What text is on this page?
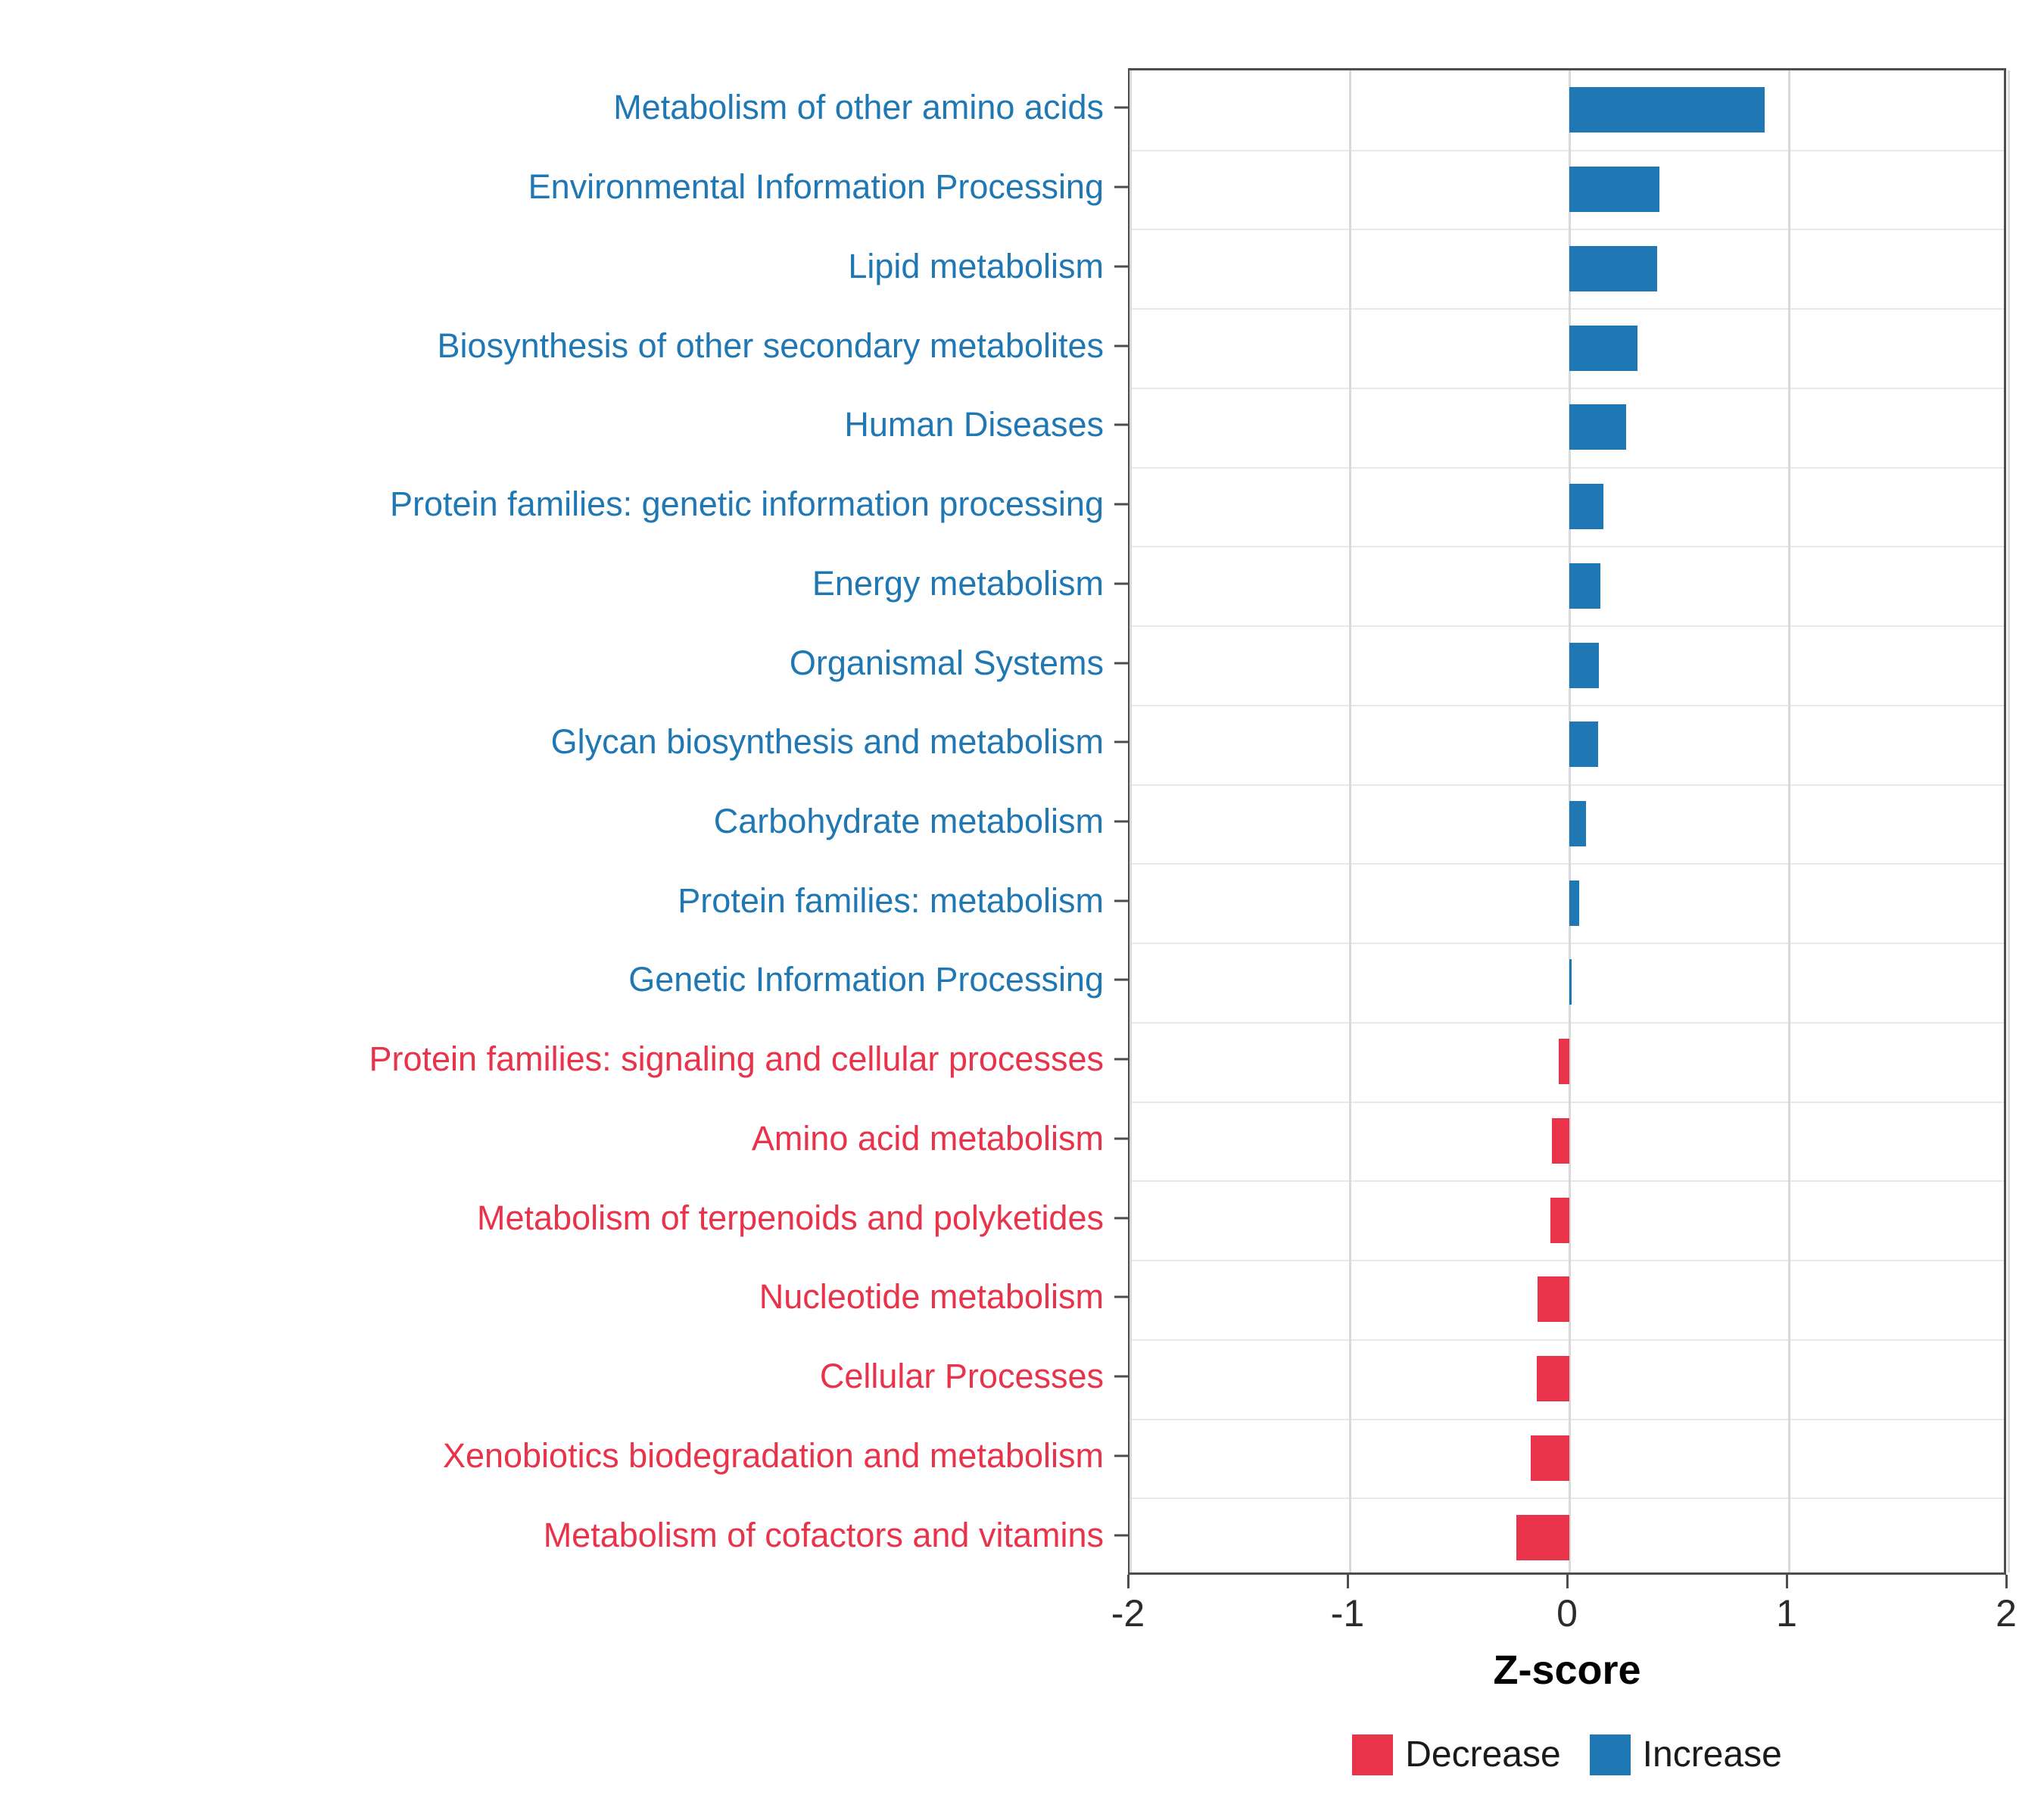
Metabolism of other amino acids
Environmental Information Processing
Lipid metabolism
Biosynthesis of other secondary metabolites
Human Diseases
Protein families: genetic information processing
Energy metabolism
Organismal Systems
Glycan biosynthesis and metabolism
Carbohydrate metabolism
Protein families: metabolism
Genetic Information Processing
Protein families: signaling and cellular processes
Amino acid metabolism
Metabolism of terpenoids and polyketides
Nucleotide metabolism
Cellular Processes
Xenobiotics biodegradation and metabolism
Metabolism of cofactors and vitamins
-2	-1	0	1	2
Z-score
Decrease Increase
